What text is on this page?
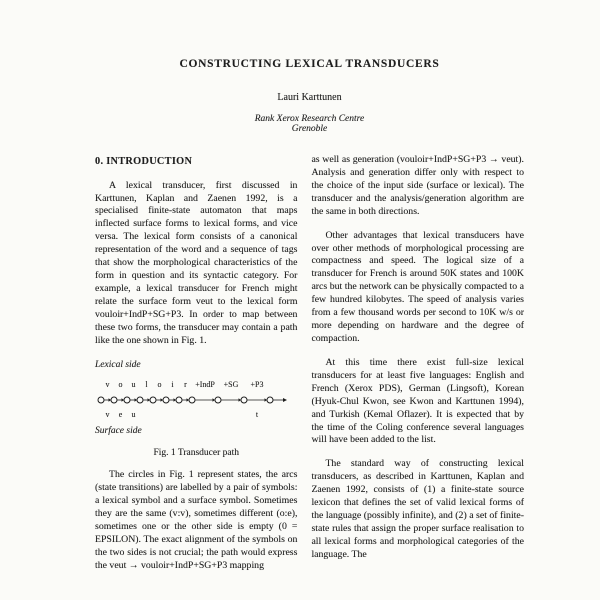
CONSTRUCTING LEXICAL TRANSDUCERS
Lauri Karttunen
Rank Xerox Research Centre
Grenoble
0. INTRODUCTION

A lexical transducer, first discussed in Karttunen, Kaplan and Zaenen 1992, is a specialised finite-state automaton that maps inflected surface forms to lexical forms, and vice versa. The lexical form consists of a canonical representation of the word and a sequence of tags that show the morphological characteristics of the form in question and its syntactic category. For example, a lexical transducer for French might relate the surface form veut to the lexical form vouloir+IndP+SG+P3. In order to map between these two forms, the transducer may contain a path like the one shown in Fig. 1.

Lexical side
v o u l o i r +IndP +SG +P3
v e u	t
Surface side
Fig. 1 Transducer path

The circles in Fig. 1 represent states, the arcs (state transitions) are labelled by a pair of symbols: a lexical symbol and a surface symbol. Sometimes they are the same (v:v), sometimes different (o:e), sometimes one or the other side is empty (0 = EPSILON). The exact alignment of the symbols on the two sides is not crucial; the path would express the veut → vouloir+IndP+SG+P3 mapping

as well as generation (vouloir+IndP+SG+P3 → veut). Analysis and generation differ only with respect to the choice of the input side (surface or lexical). The transducer and the analysis/generation algorithm are the same in both directions.

Other advantages that lexical transducers have over other methods of morphological processing are compactness and speed. The logical size of a transducer for French is around 50K states and 100K arcs but the network can be physically compacted to a few hundred kilobytes. The speed of analysis varies from a few thousand words per second to 10K w/s or more depending on hardware and the degree of compaction.

At this time there exist full-size lexical transducers for at least five languages: English and French (Xerox PDS), German (Lingsoft), Korean (Hyuk-Chul Kwon, see Kwon and Karttunen 1994), and Turkish (Kemal Oflazer). It is expected that by the time of the Coling conference several languages will have been added to the list.

The standard way of constructing lexical transducers, as described in Karttunen, Kaplan and Zaenen 1992, consists of (1) a finite-state source lexicon that defines the set of valid lexical forms of the language (possibly infinite), and (2) a set of finite-state rules that assign the proper surface realisation to all lexical forms and morphological categories of the language. The
